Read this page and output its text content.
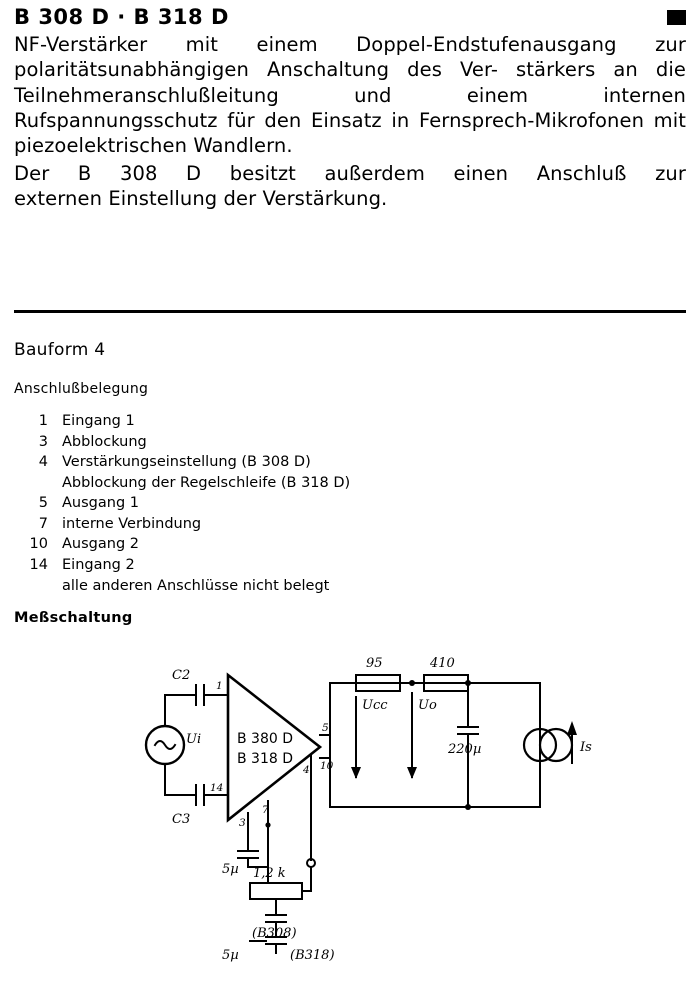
B 308 D · B 318 D

NF-Verstärker mit einem Doppel-Endstufenausgang zur polaritätsunabhängigen Anschaltung des Ver- stärkers an die Teilnehmeranschlußleitung und	einem internen Rufspannungsschutz für den Einsatz in Fernsprech-Mikrofonen mit piezoelektrischen Wandlern.

Der B 308 D besitzt außerdem einen Anschluß zur
externen Einstellung der Verstärkung.

Bauform 4
Anschlußbelegung
1 Eingang 1
3 Abblockung
4 Verstärkungseinstellung (B 308 D)
Abblockung der Regelschleife (B 318 D)
5 Ausgang 1
7 interne Verbindung
10 Ausgang 2
14 Eingang 2
alle anderen Anschlüsse nicht belegt
Meßschaltung
C2
C3
Ui
1
14
3
7
4
5
10
B 380 D
B 318 D
95	410
Ucc Uo
220µ	Is
5µ 1,2 k
(B308)
(B318)
5µ
